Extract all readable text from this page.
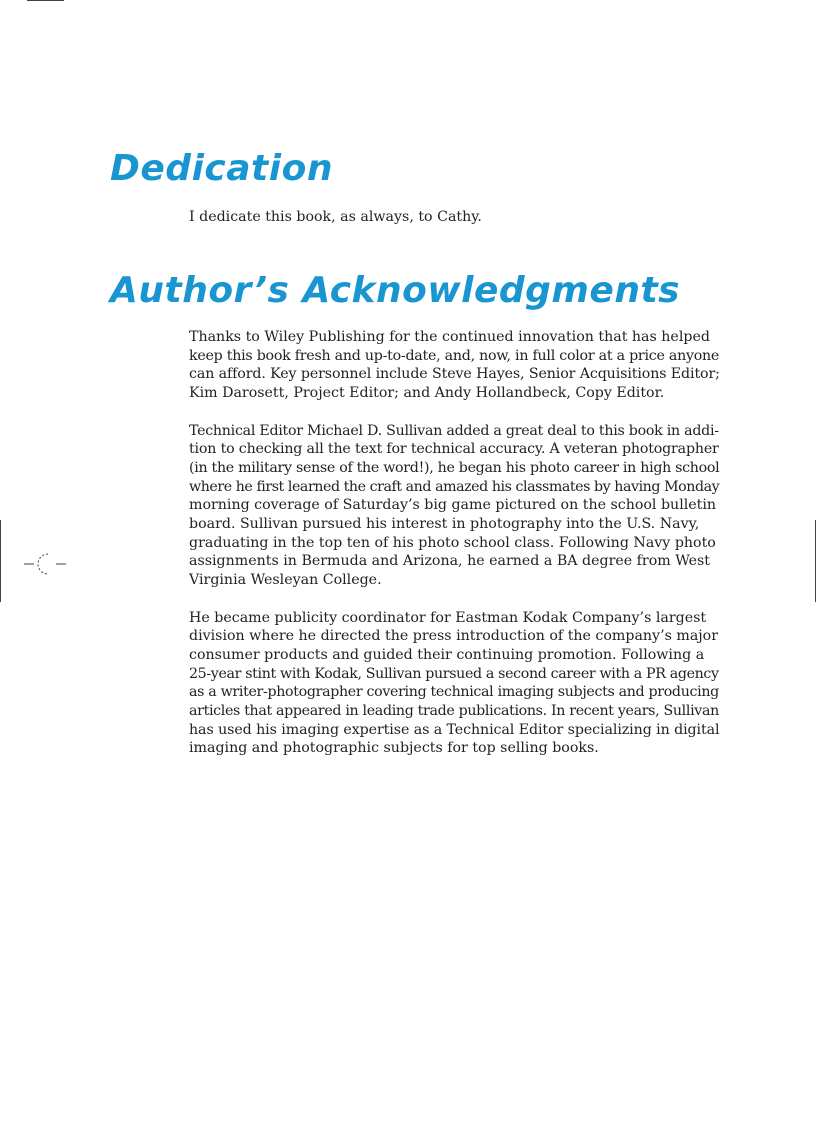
Dedication
I dedicate this book, as always, to Cathy.
Author’s Acknowledgments

Thanks to Wiley Publishing for the continued innovation that has helped
keep this book fresh and up-to-date, and, now, in full color at a price anyone
can afford. Key personnel include Steve Hayes, Senior Acquisitions Editor;
Kim Darosett, Project Editor; and Andy Hollandbeck, Copy Editor.

Technical Editor Michael D. Sullivan added a great deal to this book in addi-
tion to checking all the text for technical accuracy. A veteran photographer
(in the military sense of the word!), he began his photo career in high school
where he first learned the craft and amazed his classmates by having Monday
morning coverage of Saturday’s big game pictured on the school bulletin
board. Sullivan pursued his interest in photography into the U.S. Navy,
graduating in the top ten of his photo school class. Following Navy photo
assignments in Bermuda and Arizona, he earned a BA degree from West
Virginia Wesleyan College.

He became publicity coordinator for Eastman Kodak Company’s largest
division where he directed the press introduction of the company’s major
consumer products and guided their continuing promotion. Following a
25-year stint with Kodak, Sullivan pursued a second career with a PR agency
as a writer-photographer covering technical imaging subjects and producing
articles that appeared in leading trade publications. In recent years, Sullivan
has used his imaging expertise as a Technical Editor specializing in digital
imaging and photographic subjects for top selling books.
